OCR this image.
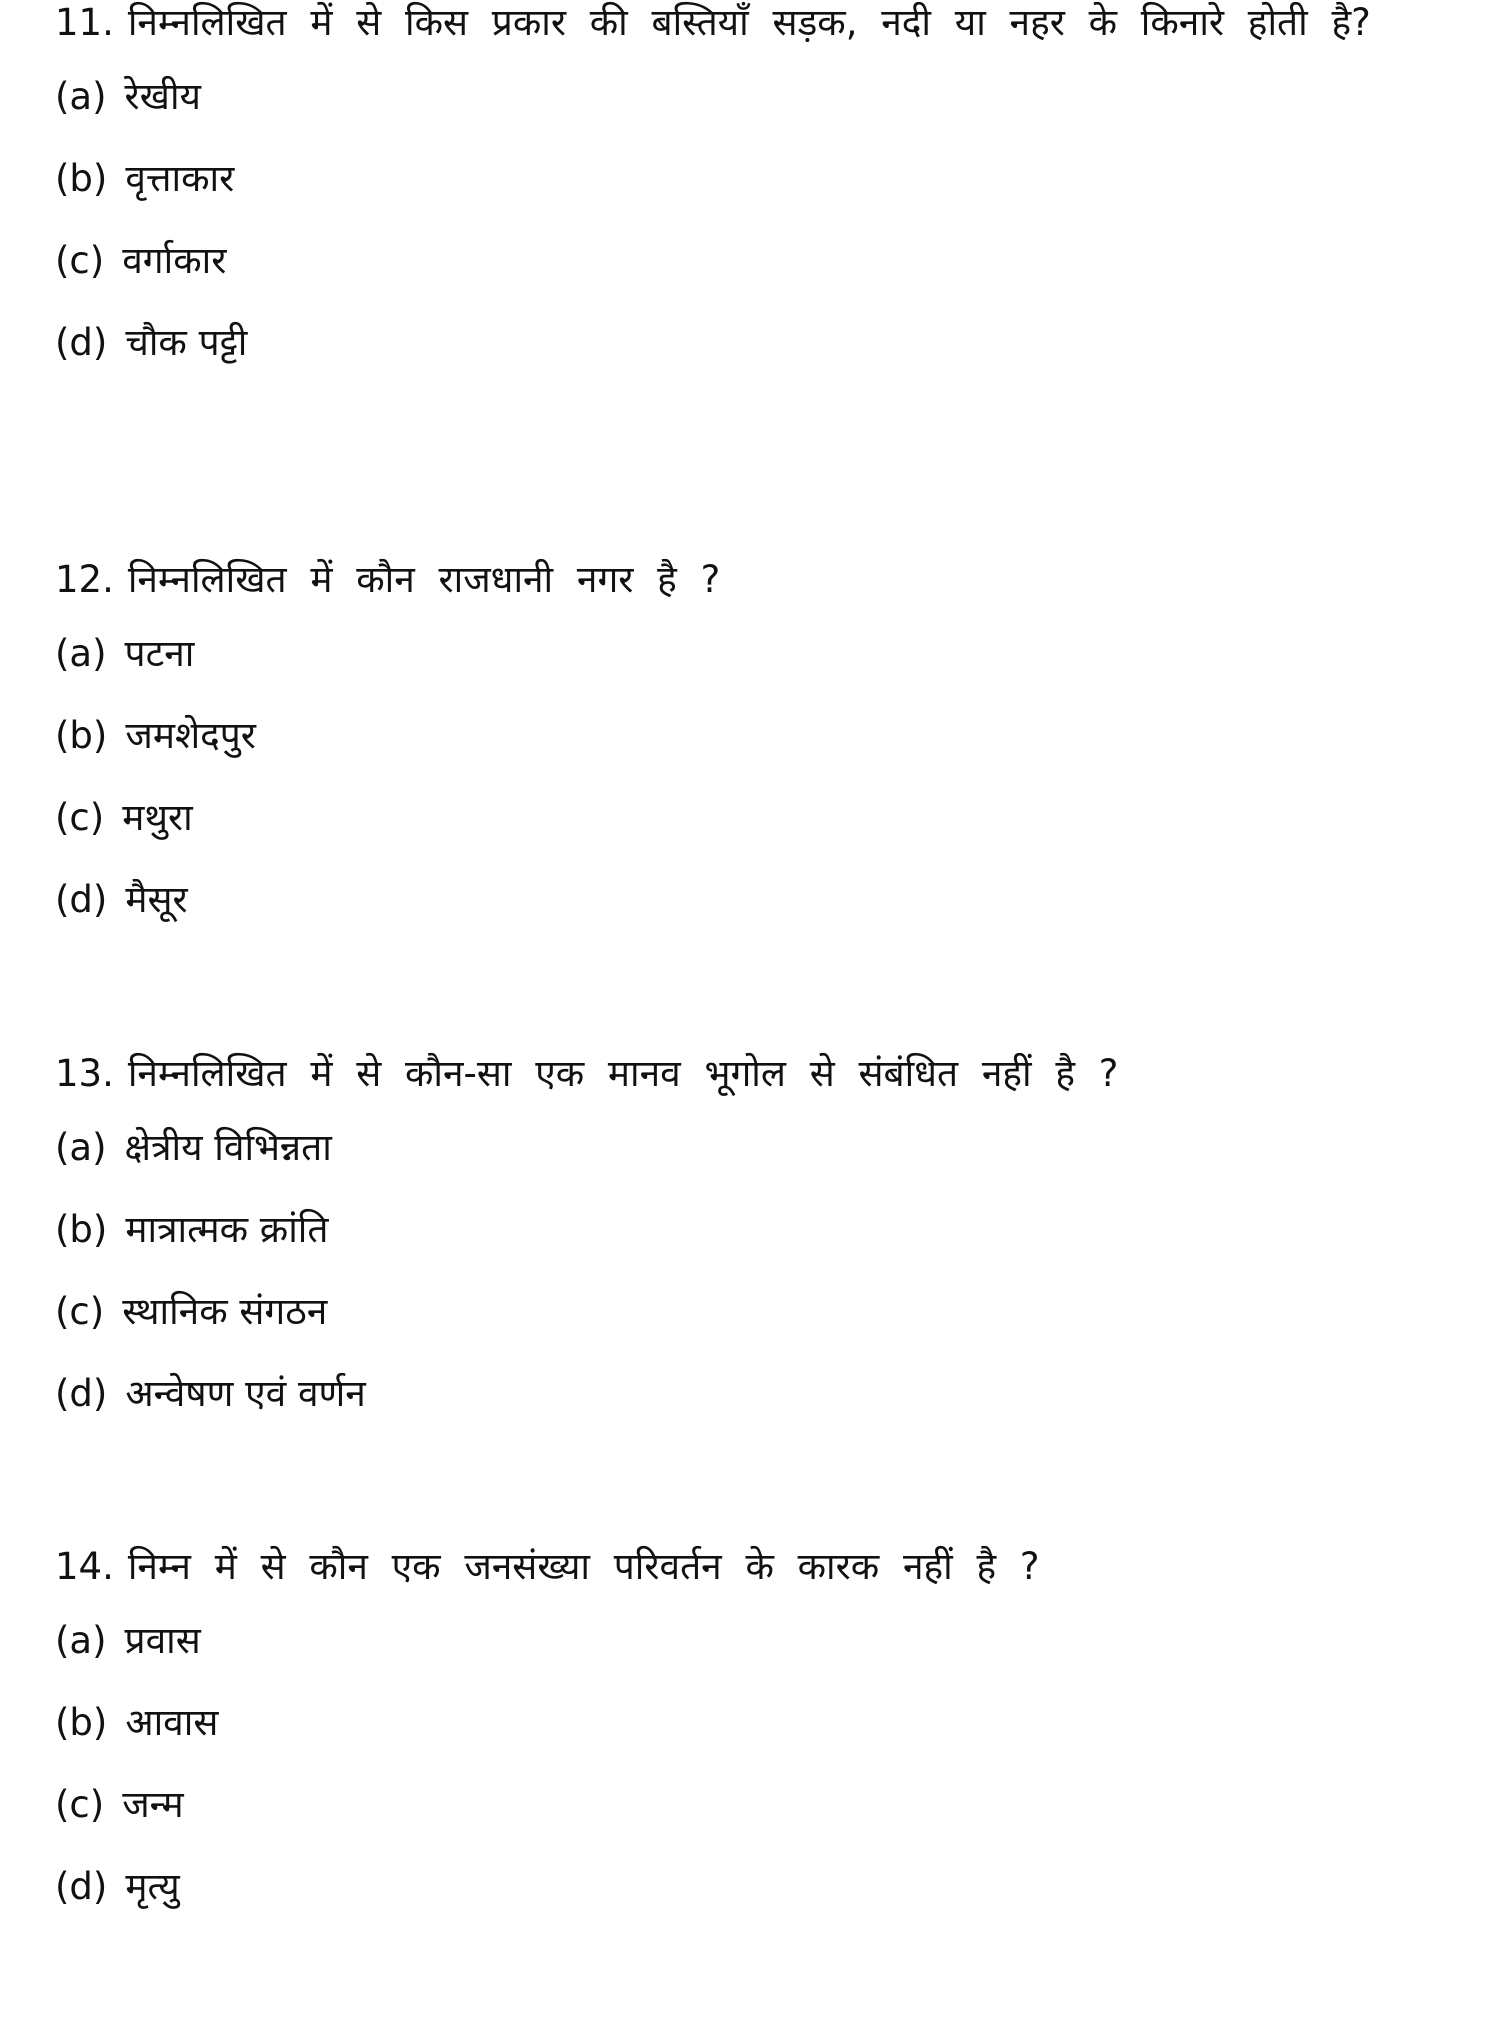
11. निम्नलिखित में से किस प्रकार की बस्तियाँ सड़क, नदी या नहर के किनारे होती है?

(a) रेखीय
(b) वृत्ताकार
(c) वर्गाकार
(d) चौक पट्टी

12. निम्नलिखित में कौन राजधानी नगर है ?

(a) पटना
(b) जमशेदपुर
(c) मथुरा
(d) मैसूर

13. निम्नलिखित में से कौन-सा एक मानव भूगोल से संबंधित नहीं है ?

(a) क्षेत्रीय विभिन्नता
(b) मात्रात्मक क्रांति
(c) स्थानिक संगठन
(d) अन्वेषण एवं वर्णन

14. निम्न में से कौन एक जनसंख्या परिवर्तन के कारक नहीं है ?

(a) प्रवास
(b) आवास
(c) जन्म
(d) मृत्यु
